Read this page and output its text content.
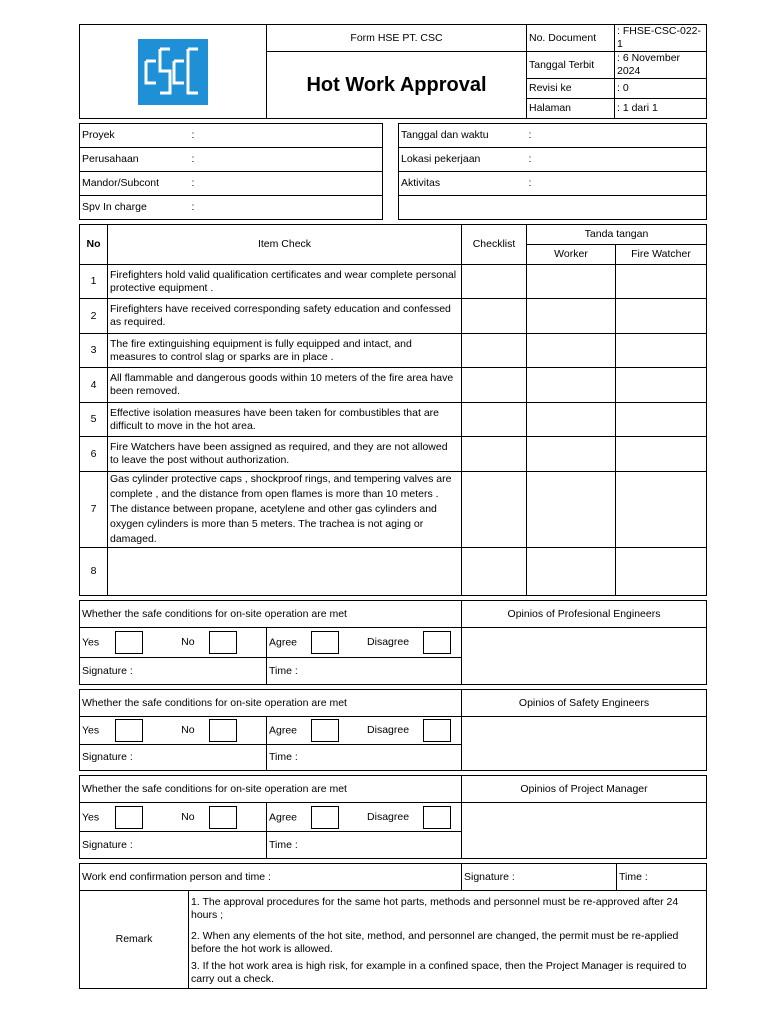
	Form HSE PT. CSC	No. Document	: FHSE-CSC-022-1
	Hot Work Approval	Tanggal Terbit	: 6 November 2024
		Revisi ke	: 0
		Halaman	: 1 dari 1
Proyek	:		Tanggal dan waktu	:
Perusahaan	:		Lokasi pekerjaan	:
Mandor/Subcont	:		Aktivitas	:
Spv In charge	:			
No	Item Check	Checklist	Tanda tangan	
			Worker	Fire Watcher
1	Firefighters hold valid qualification certificates and wear complete personal protective equipment .			
2	Firefighters have received corresponding safety education and confessed as required.			
3	The fire extinguishing equipment is fully equipped and intact, and measures to control slag or sparks are in place .			
4	All flammable and dangerous goods within 10 meters of the fire area have been removed.			
5	Effective isolation measures have been taken for combustibles that are difficult to move in the hot area.			
6	Fire Watchers have been assigned as required, and they are not allowed to leave the post without authorization.			
7	Gas cylinder protective caps , shockproof rings, and tempering valves are complete , and the distance from open flames is more than 10 meters . The distance between propane, acetylene and other gas cylinders and oxygen cylinders is more than 5 meters. The trachea is not aging or damaged.			
8				
Whether the safe conditions for on-site operation are met		Opinios of Profesional Engineers
Yes No	Agree Disagree	
Signature :	Time :	
Whether the safe conditions for on-site operation are met		Opinios of Safety Engineers
Yes No	Agree Disagree	
Signature :	Time :	
Whether the safe conditions for on-site operation are met		Opinios of Project Manager
Yes No	Agree Disagree	
Signature :	Time :	
Work end confirmation person and time :		Signature :	Time :
Remark	1. The approval procedures for the same hot parts, methods and personnel must be re-approved after 24 hours ;
2. When any elements of the hot site, method, and personnel are changed, the permit must be re-applied before the hot work is allowed.
3. If the hot work area is high risk, for example in a confined space, then the Project Manager is required to carry out a check.		
